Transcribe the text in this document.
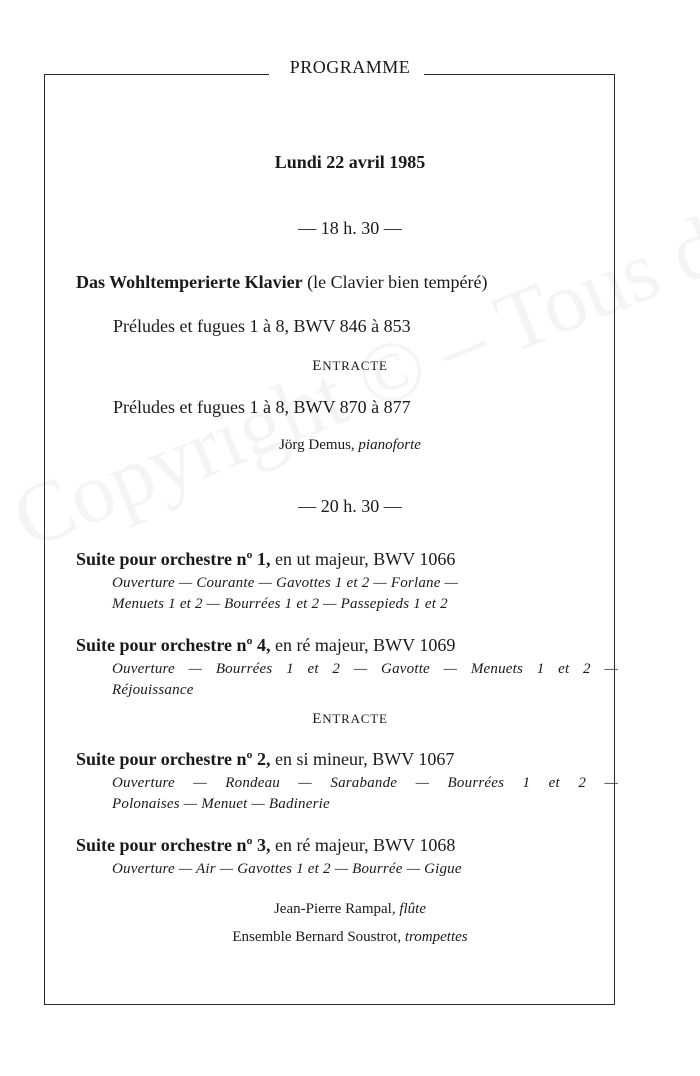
PROGRAMME
Lundi 22 avril 1985
— 18 h. 30 —
Das Wohltemperierte Klavier (le Clavier bien tempéré)
Préludes et fugues 1 à 8, BWV 846 à 853
ENTRACTE
Préludes et fugues 1 à 8, BWV 870 à 877
Jörg Demus, pianoforte
— 20 h. 30 —
Suite pour orchestre nº 1, en ut majeur, BWV 1066
Ouverture — Courante — Gavottes 1 et 2 — Forlane —
Menuets 1 et 2 — Bourrées 1 et 2 — Passepieds 1 et 2
Suite pour orchestre nº 4, en ré majeur, BWV 1069
Ouverture — Bourrées 1 et 2 — Gavotte — Menuets 1 et 2 —
Réjouissance
ENTRACTE
Suite pour orchestre nº 2, en si mineur, BWV 1067
Ouverture — Rondeau — Sarabande — Bourrées 1 et 2 —
Polonaises — Menuet — Badinerie
Suite pour orchestre nº 3, en ré majeur, BWV 1068
Ouverture — Air — Gavottes 1 et 2 — Bourrée — Gigue
Jean-Pierre Rampal, flûte
Ensemble Bernard Soustrot, trompettes
